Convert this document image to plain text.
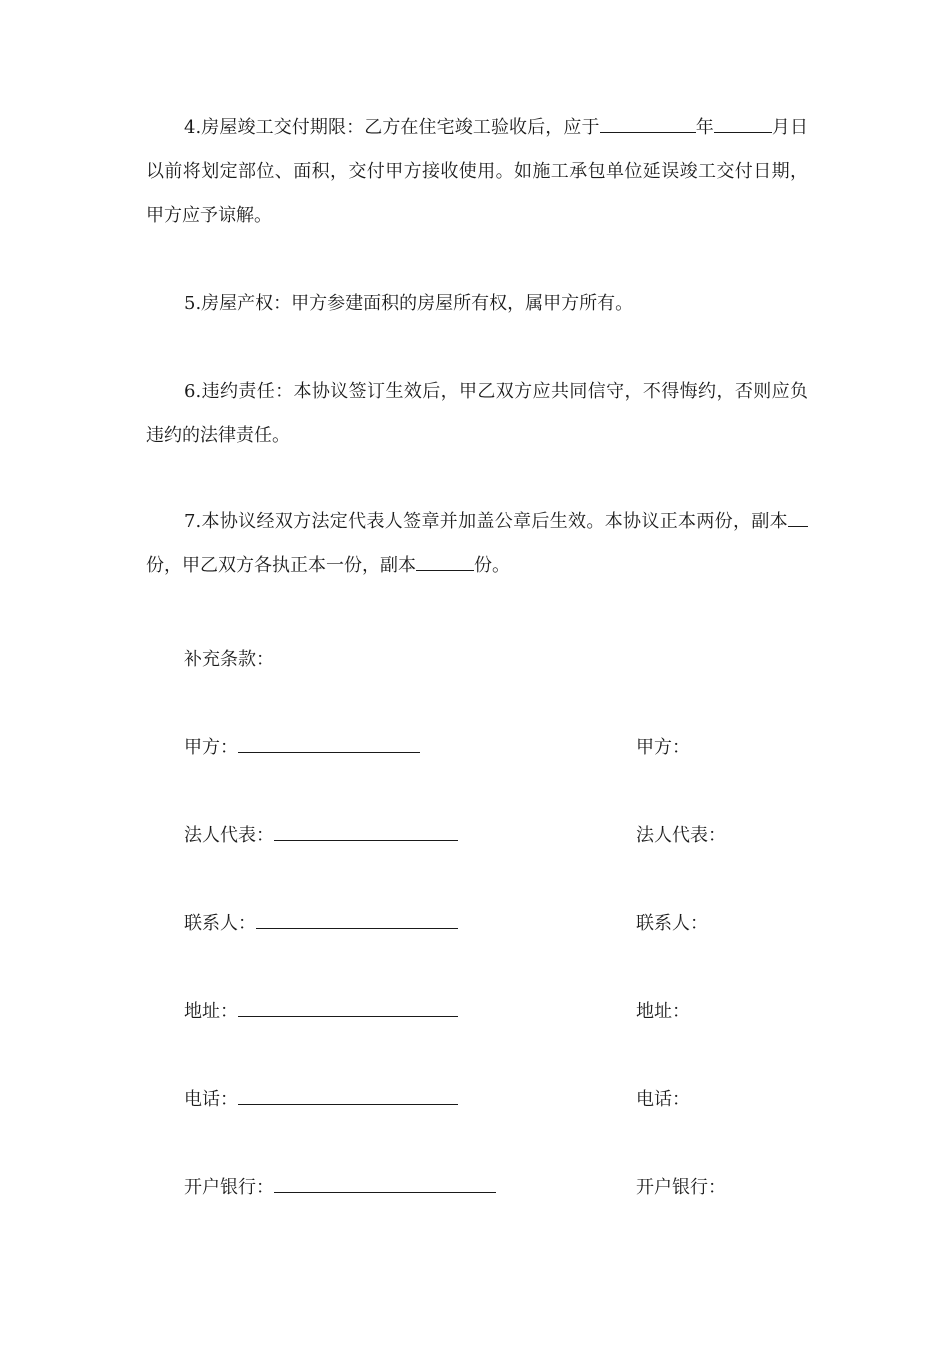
4.房屋竣工交付期限：乙方在住宅竣工验收后，应于	年	月日以前将划定部位、面积，交付甲方接收使用。如施工承包单位延误竣工交付日期，甲方应予谅解。

5.房屋产权：甲方参建面积的房屋所有权，属甲方所有。

6.违约责任：本协议签订生效后，甲乙双方应共同信守，不得悔约，否则应负违约的法律责任。

7.本协议经双方法定代表人签章并加盖公章后生效。本协议正本两份，副本份，甲乙双方各执正本一份，副本	份。

补充条款：

甲方：	甲方：
法人代表：	法人代表：
联系人：	联系人：
地址：	地址：
电话：	电话：
开户银行：	开户银行：
